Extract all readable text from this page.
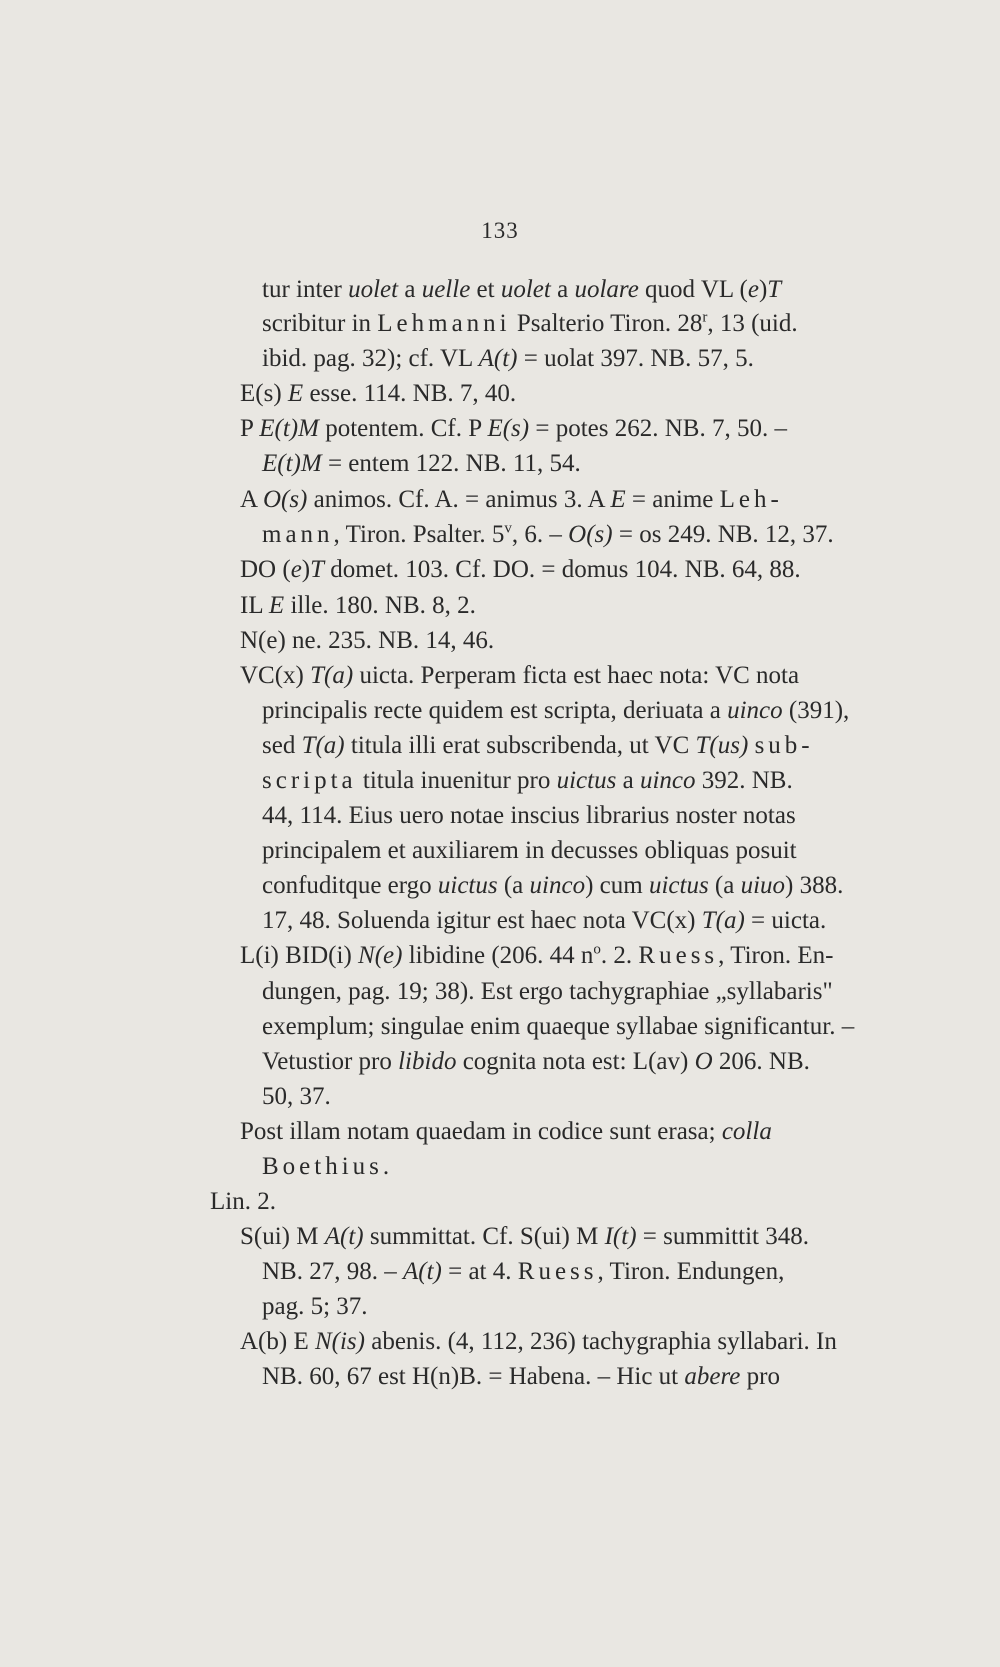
133
tur inter uolet a uelle et uolet a uolare quod VL (e)T
scribitur in Lehmanni Psalterio Tiron. 28$^r$, 13 (uid.
ibid. pag. 32); cf. VL A(t) = uolat 397. NB. 57, 5.
E(s) E esse. 114. NB. 7, 40.
P E(t)M potentem. Cf. P E(s) = potes 262. NB. 7, 50. –
E(t)M = entem 122. NB. 11, 54.
A O(s) animos. Cf. A. = animus 3. A E = anime Leh-
mann, Tiron. Psalter. 5$^v$, 6. – O(s) = os 249. NB. 12, 37.
DO (e)T domet. 103. Cf. DO. = domus 104. NB. 64, 88.
IL E ille. 180. NB. 8, 2.
N(e) ne. 235. NB. 14, 46.
VC(x) T(a) uicta. Perperam ficta est haec nota: VC nota
principalis recte quidem est scripta, deriuata a uinco (391),
sed T(a) titula illi erat subscribenda, ut VC T(us) sub-
scripta titula inuenitur pro uictus a uinco 392. NB.
44, 114. Eius uero notae inscius librarius noster notas
principalem et auxiliarem in decusses obliquas posuit
confuditque ergo uictus (a uinco) cum uictus (a uiuo) 388.
17, 48. Soluenda igitur est haec nota VC(x) T(a) = uicta.
L(i) BID(i) N(e) libidine (206. 44 $n^o$. 2. Ruess, Tiron. En-
dungen, pag. 19; 38). Est ergo tachygraphiae „syllabaris"
exemplum; singulae enim quaeque syllabae significantur. –
Vetustior pro libido cognita nota est: L(av) O 206. NB.
50, 37.
Post illam notam quaedam in codice sunt erasa; colla
Boethius.
Lin. 2.
S(ui) M A(t) summittat. Cf. S(ui) M I(t) = summittit 348.
NB. 27, 98. – A(t) = at 4. Ruess, Tiron. Endungen,
pag. 5; 37.
A(b) E N(is) abenis. (4, 112, 236) tachygraphia syllabari. In
NB. 60, 67 est H(n)B. = Habena. – Hic ut abere pro
